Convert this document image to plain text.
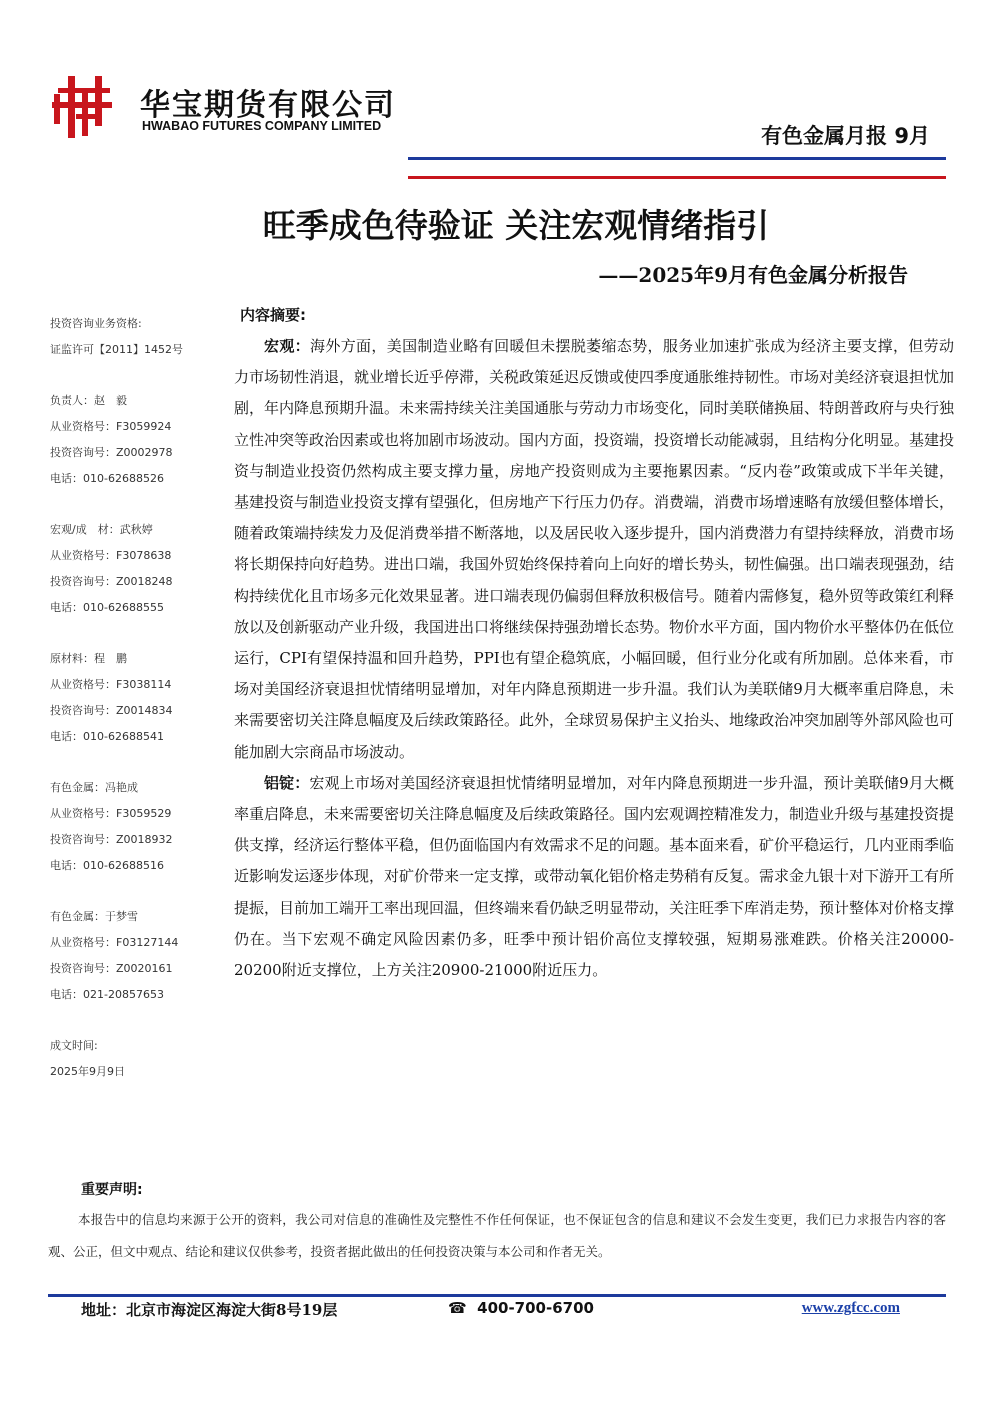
华宝期货有限公司
HWABAO FUTURES COMPANY LIMITED	有色金属月报 9月
旺季成色待验证 关注宏观情绪指引
——2025年9月有色金属分析报告
投资咨询业务资格:
证监许可【2011】1452号
负责人：赵　毅
从业资格号：F3059924
投资咨询号：Z0002978
电话：010-62688526
宏观/成　材：武秋婷
从业资格号：F3078638
投资咨询号：Z0018248
电话：010-62688555
原材料：程　鹏
从业资格号：F3038114
投资咨询号：Z0014834
电话：010-62688541
有色金属：冯艳成
从业资格号：F3059529
投资咨询号：Z0018932
电话：010-62688516
有色金属：于梦雪
从业资格号：F03127144
投资咨询号：Z0020161
电话：021-20857653
成文时间:
2025年9月9日
内容摘要:

宏观：海外方面，美国制造业略有回暖但未摆脱萎缩态势，服务业加速扩张成为经济主要支撑，但劳动力市场韧性消退，就业增长近乎停滞，关税政策延迟反馈或使四季度通胀维持韧性。市场对美经济衰退担忧加剧，年内降息预期升温。未来需持续关注美国通胀与劳动力市场变化，同时美联储换届、特朗普政府与央行独立性冲突等政治因素或也将加剧市场波动。国内方面，投资端，投资增长动能减弱，且结构分化明显。基建投资与制造业投资仍然构成主要支撑力量，房地产投资则成为主要拖累因素。“反内卷”政策或成下半年关键，基建投资与制造业投资支撑有望强化，但房地产下行压力仍存。消费端，消费市场增速略有放缓但整体增长，随着政策端持续发力及促消费举措不断落地，以及居民收入逐步提升，国内消费潜力有望持续释放，消费市场将长期保持向好趋势。进出口端，我国外贸始终保持着向上向好的增长势头，韧性偏强。出口端表现强劲，结构持续优化且市场多元化效果显著。进口端表现仍偏弱但释放积极信号。随着内需修复，稳外贸等政策红利释放以及创新驱动产业升级，我国进出口将继续保持强劲增长态势。物价水平方面，国内物价水平整体仍在低位运行，CPI有望保持温和回升趋势，PPI也有望企稳筑底，小幅回暖，但行业分化或有所加剧。总体来看，市场对美国经济衰退担忧情绪明显增加，对年内降息预期进一步升温。我们认为美联储9月大概率重启降息，未来需要密切关注降息幅度及后续政策路径。此外，全球贸易保护主义抬头、地缘政治冲突加剧等外部风险也可能加剧大宗商品市场波动。

铝锭：宏观上市场对美国经济衰退担忧情绪明显增加，对年内降息预期进一步升温，预计美联储9月大概率重启降息，未来需要密切关注降息幅度及后续政策路径。国内宏观调控精准发力，制造业升级与基建投资提供支撑，经济运行整体平稳，但仍面临国内有效需求不足的问题。基本面来看，矿价平稳运行，几内亚雨季临近影响发运逐步体现，对矿价带来一定支撑，或带动氧化铝价格走势稍有反复。需求金九银十对下游开工有所提振，目前加工端开工率出现回温，但终端来看仍缺乏明显带动，关注旺季下库消走势，预计整体对价格支撑仍在。当下宏观不确定风险因素仍多，旺季中预计铝价高位支撑较强，短期易涨难跌。价格关注20000-20200附近支撑位，上方关注20900-21000附近压力。

重要声明:
本报告中的信息均来源于公开的资料，我公司对信息的准确性及完整性不作任何保证，也不保证包含的信息和建议不会发生变更，我们已力求报告内容的客观、公正，但文中观点、结论和建议仅供参考，投资者据此做出的任何投资决策与本公司和作者无关。
地址：北京市海淀区海淀大街8号19层	☎ 400-700-6700	www.zgfcc.com
